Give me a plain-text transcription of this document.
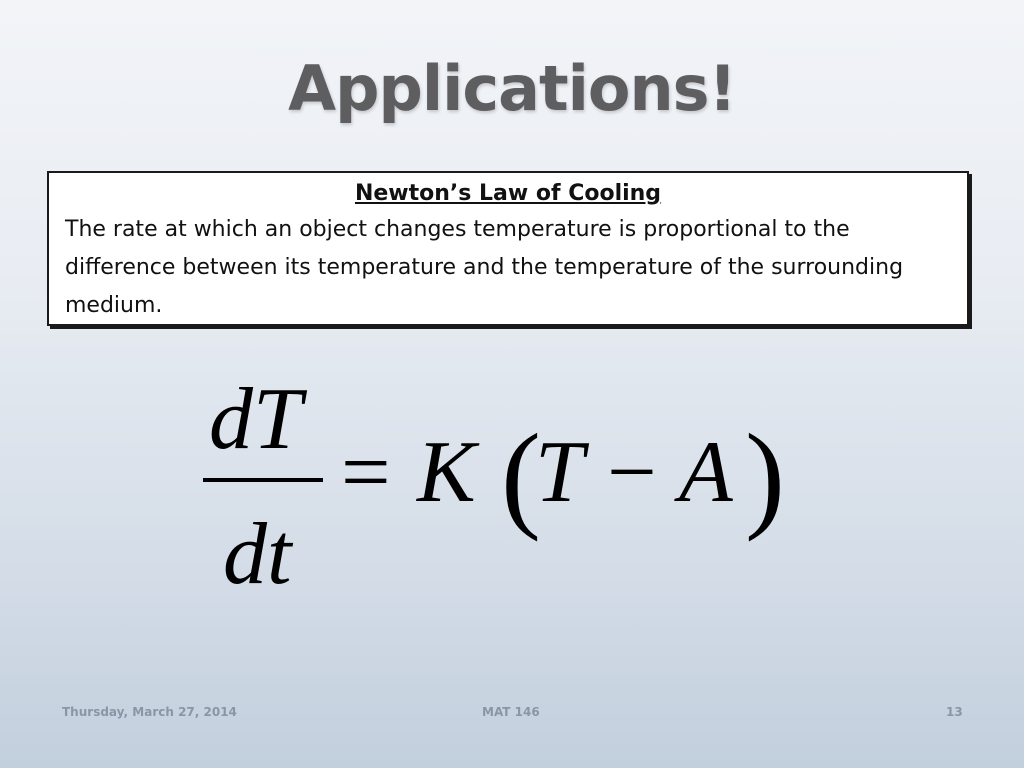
Applications!
Newton’s Law of Cooling
The rate at which an object changes temperature is proportional to the difference between its temperature and the temperature of the surrounding medium.
dT
dt
K T A
= ( − )
Thursday, March 27, 2014	MAT 146	13
